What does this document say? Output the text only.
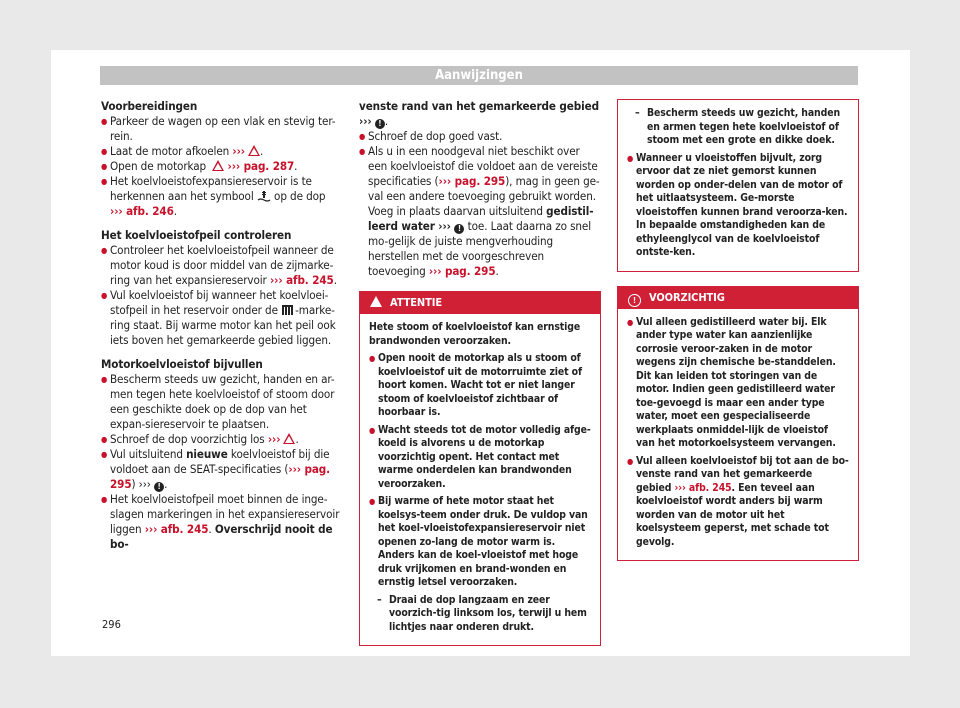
Aanwijzingen

Voorbereidingen

● Parkeer de wagen op een vlak en stevig ter-rein.

● Laat de motor afkoelen ››› .

● Open de motorkap  ››› pag. 287.

● Het koelvloeistofexpansiereservoir is te herkennen aan het symbool  op de dop
››› afb. 246.

Het koelvloeistofpeil controleren

● Controleer het koelvloeistofpeil wanneer de motor koud is door middel van de zijmarke-ring van het expansiereservoir ››› afb. 245.

● Vul koelvloeistof bij wanneer het koelvloei-stofpeil in het reservoir onder de -marke-ring staat. Bij warme motor kan het peil ook iets boven het gemarkeerde gebied liggen.

Motorkoelvloeistof bijvullen

● Bescherm steeds uw gezicht, handen en ar-men tegen hete koelvloeistof of stoom door een geschikte doek op de dop van het expan-siereservoir te plaatsen.

● Schroef de dop voorzichtig los ››› .

● Vul uitsluitend nieuwe koelvloeistof bij die voldoet aan de SEAT-specificaties (››› pag. 295) ››› ! .

● Het koelvloeistofpeil moet binnen de inge-slagen markeringen in het expansiereservoir liggen ››› afb. 245. Overschrijd nooit de bo-

venste rand van het gemarkeerde gebied
››› ! .

● Schroef de dop goed vast.

● Als u in een noodgeval niet beschikt over een koelvloeistof die voldoet aan de vereiste specificaties (››› pag. 295), mag in geen ge-val een andere toevoeging gebruikt worden. Voeg in plaats daarvan uitsluitend gedistil-leerd water ››› ! toe. Laat daarna zo snel mo-gelijk de juiste mengverhouding herstellen met de voorgeschreven toevoeging ››› pag. 295.

ATTENTIE

Hete stoom of koelvloeistof kan ernstige brandwonden veroorzaken.

● Open nooit de motorkap als u stoom of koelvloeistof uit de motorruimte ziet of hoort komen. Wacht tot er niet langer stoom of koelvloeistof zichtbaar of hoorbaar is.

● Wacht steeds tot de motor volledig afge-koeld is alvorens u de motorkap voorzichtig opent. Het contact met warme onderdelen kan brandwonden veroorzaken.

● Bij warme of hete motor staat het koelsys-teem onder druk. De vuldop van het koel-vloeistofexpansiereservoir niet openen zo-lang de motor warm is. Anders kan de koel-vloeistof met hoge druk vrijkomen en brand-wonden en ernstig letsel veroorzaken.

– Draai de dop langzaam en zeer voorzich-tig linksom los, terwijl u hem lichtjes naar onderen drukt.

– Bescherm steeds uw gezicht, handen en armen tegen hete koelvloeistof of stoom met een grote en dikke doek.

● Wanneer u vloeistoffen bijvult, zorg ervoor dat ze niet gemorst kunnen worden op onder-delen van de motor of het uitlaatsysteem. Ge-morste vloeistoffen kunnen brand veroorza-ken. In bepaalde omstandigheden kan de ethyleenglycol van de koelvloeistof ontste-ken.

! VOORZICHTIG

● Vul alleen gedistilleerd water bij. Elk ander type water kan aanzienlijke corrosie veroor-zaken in de motor wegens zijn chemische be-standdelen. Dit kan leiden tot storingen van de motor. Indien geen gedistilleerd water toe-gevoegd is maar een ander type water, moet een gespecialiseerde werkplaats onmiddel-lijk de vloeistof van het motorkoelsysteem vervangen.

● Vul alleen koelvloeistof bij tot aan de bo-venste rand van het gemarkeerde gebied ››› afb. 245. Een teveel aan koelvloeistof wordt anders bij warm worden van de motor uit het koelsysteem geperst, met schade tot gevolg.

296
